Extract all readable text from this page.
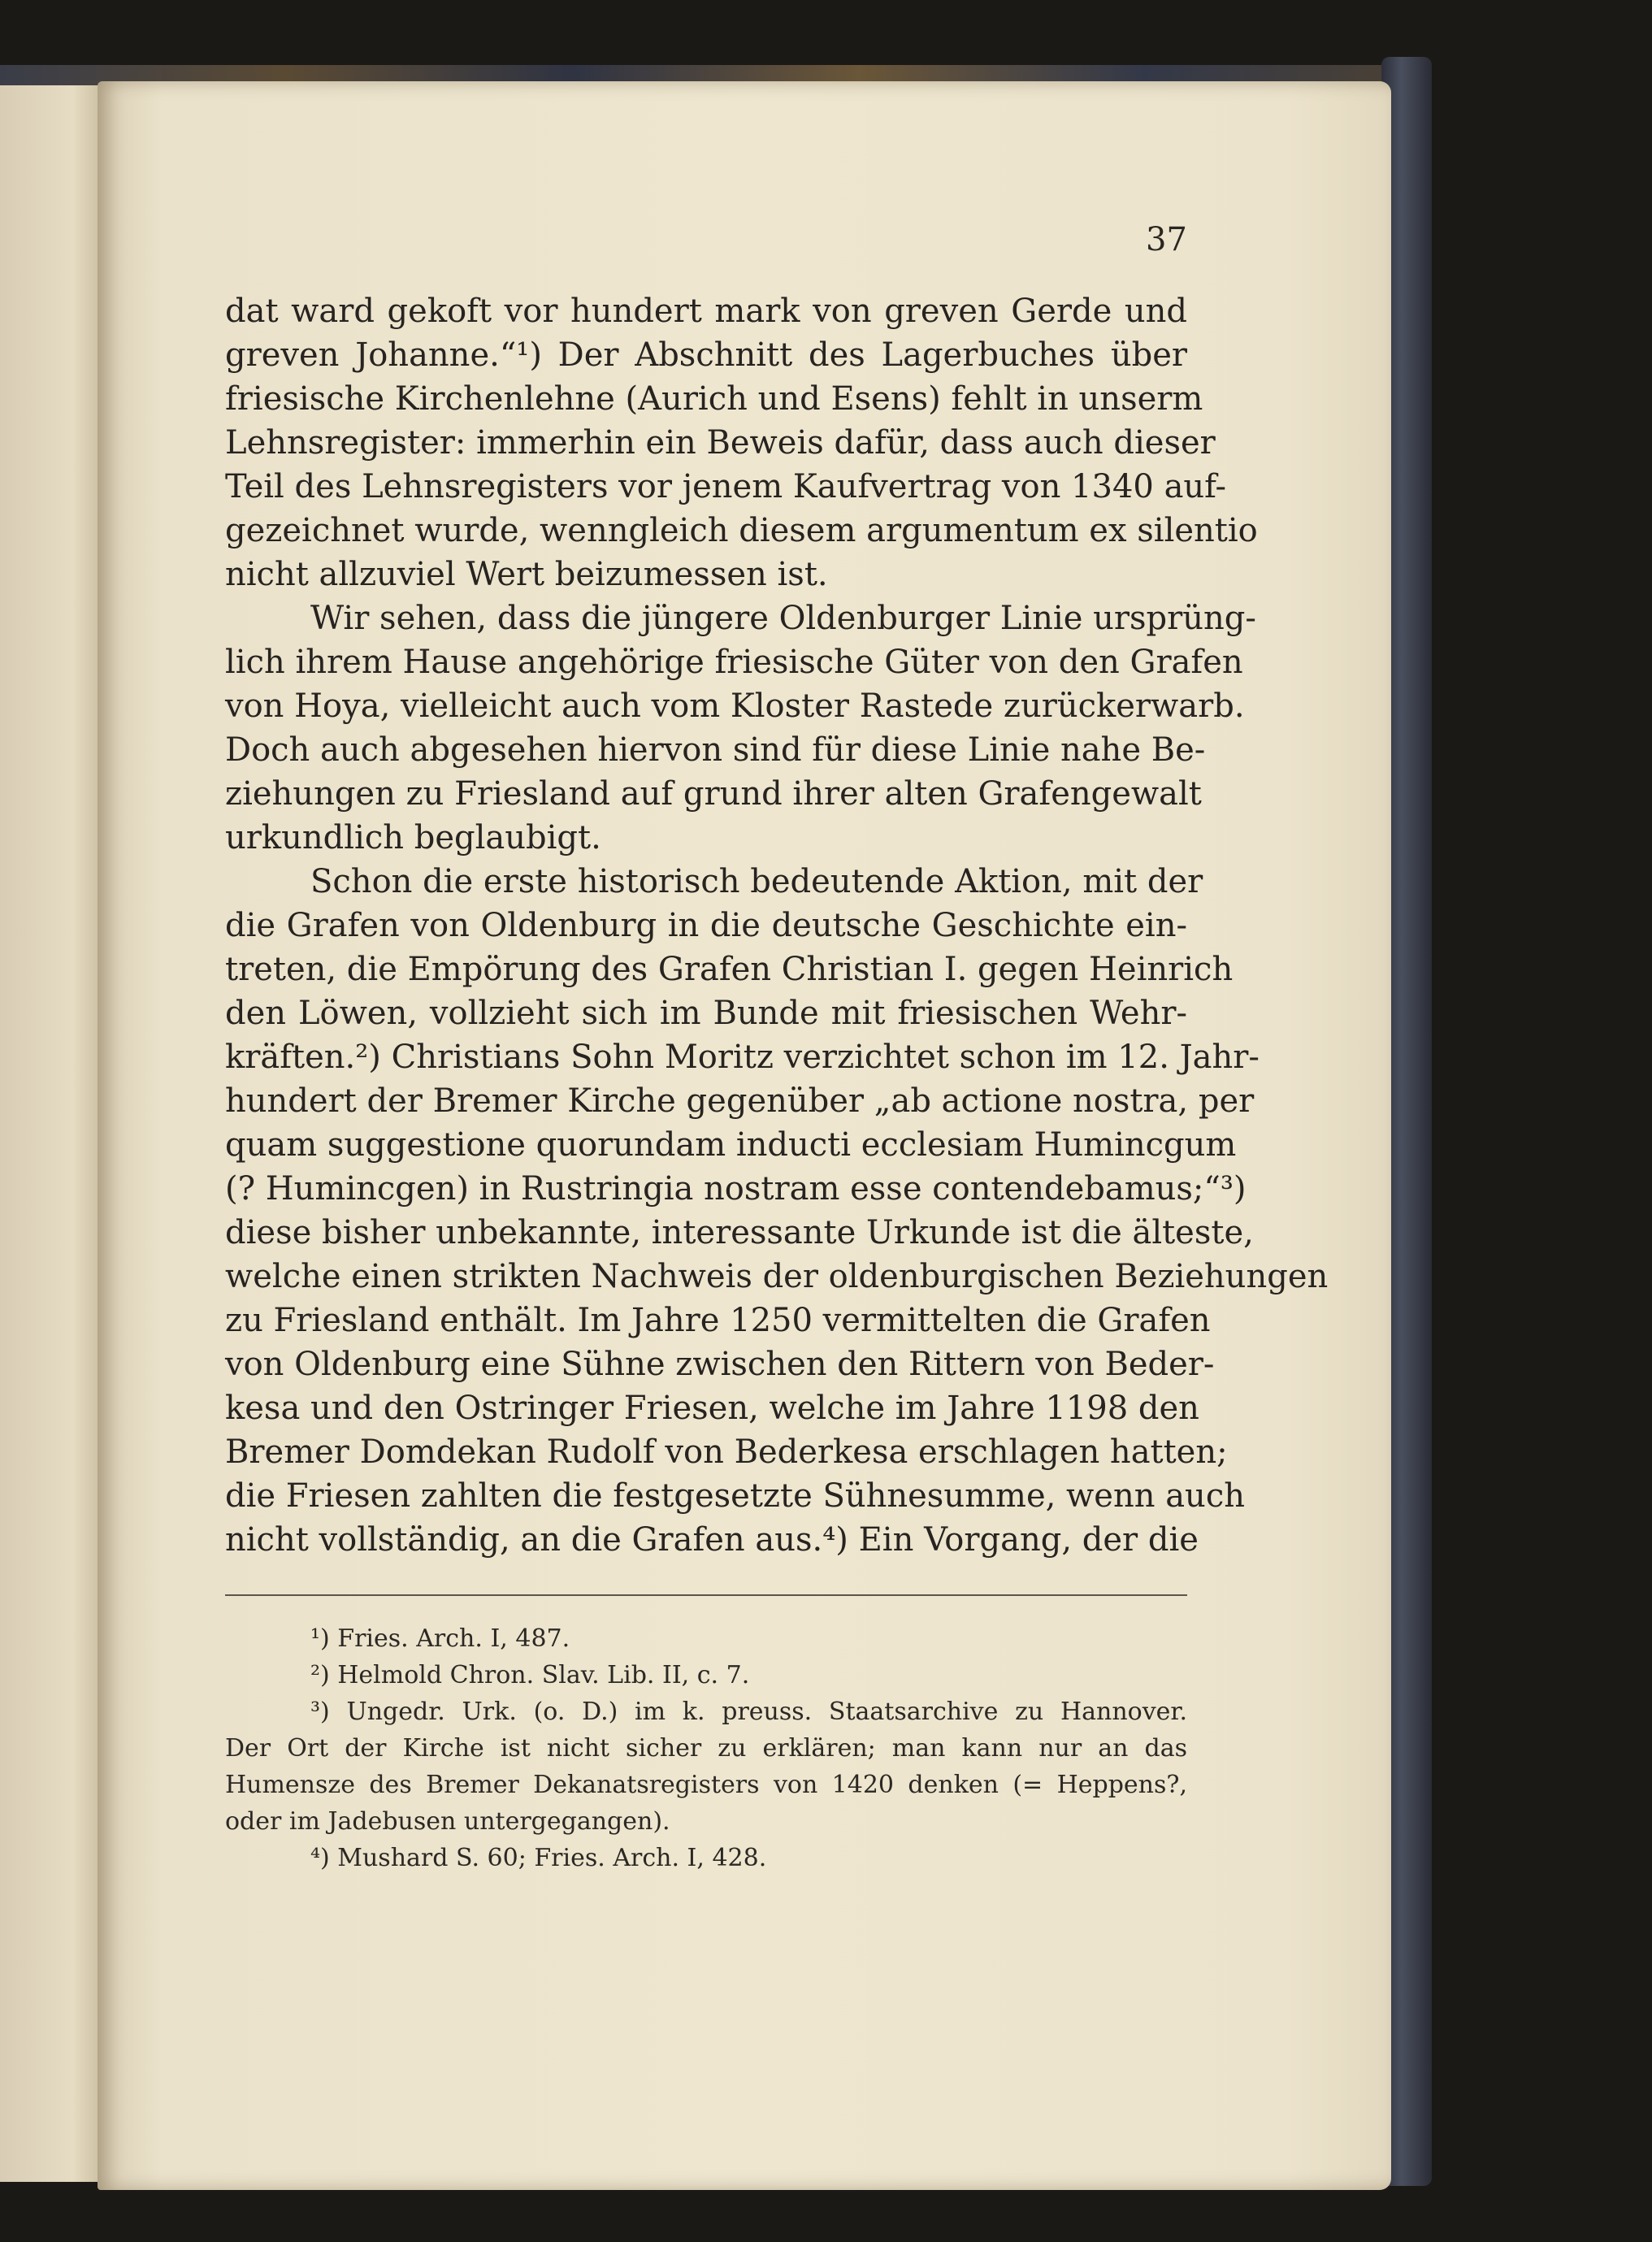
37
dat ward gekoft vor hundert mark von greven Gerde und
greven Johanne.“¹) Der Abschnitt des Lagerbuches über
friesische Kirchenlehne (Aurich und Esens) fehlt in unserm
Lehnsregister: immerhin ein Beweis dafür, dass auch dieser
Teil des Lehnsregisters vor jenem Kaufvertrag von 1340 auf-
gezeichnet wurde, wenngleich diesem argumentum ex silentio
nicht allzuviel Wert beizumessen ist.
Wir sehen, dass die jüngere Oldenburger Linie ursprüng-
lich ihrem Hause angehörige friesische Güter von den Grafen
von Hoya, vielleicht auch vom Kloster Rastede zurückerwarb.
Doch auch abgesehen hiervon sind für diese Linie nahe Be-
ziehungen zu Friesland auf grund ihrer alten Grafengewalt
urkundlich beglaubigt.
Schon die erste historisch bedeutende Aktion, mit der
die Grafen von Oldenburg in die deutsche Geschichte ein-
treten, die Empörung des Grafen Christian I. gegen Heinrich
den Löwen, vollzieht sich im Bunde mit friesischen Wehr-
kräften.²) Christians Sohn Moritz verzichtet schon im 12. Jahr-
hundert der Bremer Kirche gegenüber „ab actione nostra, per
quam suggestione quorundam inducti ecclesiam Humincgum
(? Humincgen) in Rustringia nostram esse contendebamus;“³)
diese bisher unbekannte, interessante Urkunde ist die älteste,
welche einen strikten Nachweis der oldenburgischen Beziehungen
zu Friesland enthält. Im Jahre 1250 vermittelten die Grafen
von Oldenburg eine Sühne zwischen den Rittern von Beder-
kesa und den Ostringer Friesen, welche im Jahre 1198 den
Bremer Domdekan Rudolf von Bederkesa erschlagen hatten;
die Friesen zahlten die festgesetzte Sühnesumme, wenn auch
nicht vollständig, an die Grafen aus.⁴) Ein Vorgang, der die
¹) Fries. Arch. I, 487.
²) Helmold Chron. Slav. Lib. II, c. 7.
³) Ungedr. Urk. (o. D.) im k. preuss. Staatsarchive zu Hannover.
Der Ort der Kirche ist nicht sicher zu erklären; man kann nur an das
Humensze des Bremer Dekanatsregisters von 1420 denken (= Heppens?,
oder im Jadebusen untergegangen).
⁴) Mushard S. 60; Fries. Arch. I, 428.
